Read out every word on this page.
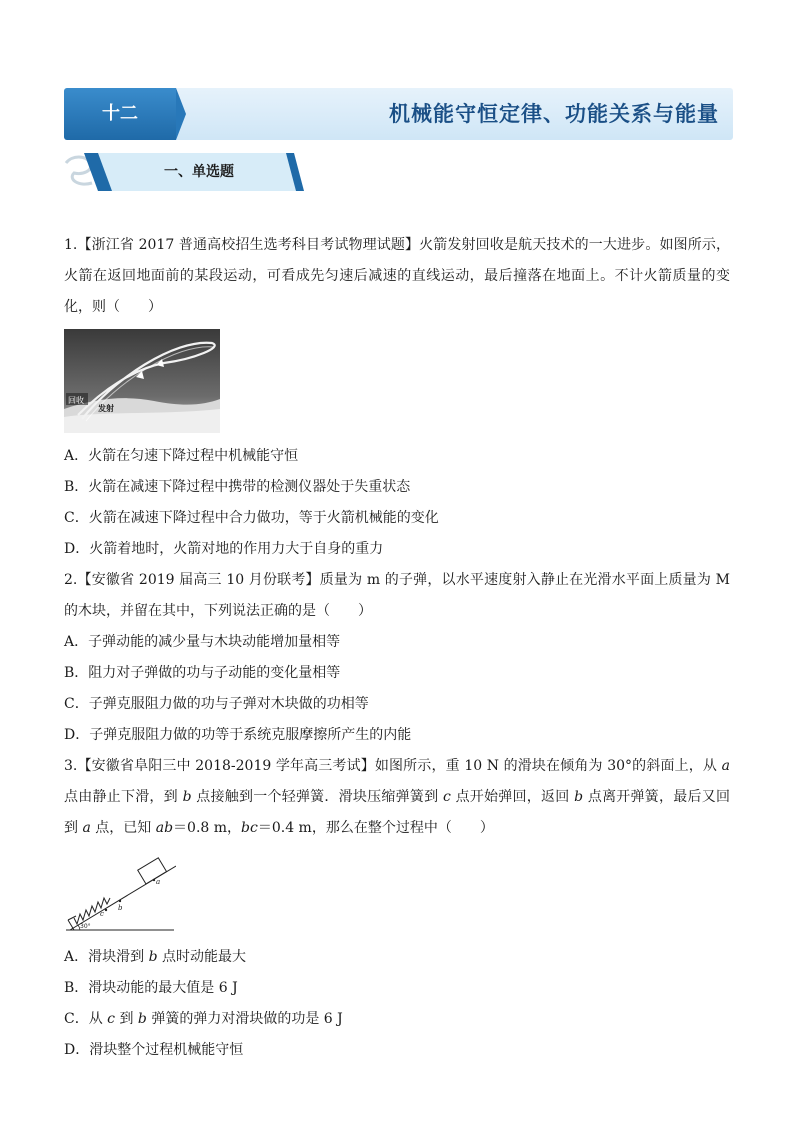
十二	机械能守恒定律、功能关系与能量
一、单选题

1.【浙江省 2017 普通高校招生选考科目考试物理试题】火箭发射回收是航天技术的一大进步。如图所示，火箭在返回地面前的某段运动，可看成先匀速后减速的直线运动，最后撞落在地面上。不计火箭质量的变化，则（　　）

回收
发射

A．火箭在匀速下降过程中机械能守恒

B．火箭在减速下降过程中携带的检测仪器处于失重状态

C．火箭在减速下降过程中合力做功，等于火箭机械能的变化

D．火箭着地时，火箭对地的作用力大于自身的重力

2.【安徽省 2019 届高三 10 月份联考】质量为 m 的子弹，以水平速度射入静止在光滑水平面上质量为 M 的木块，并留在其中，下列说法正确的是（　　）

A．子弹动能的减少量与木块动能增加量相等

B．阻力对子弹做的功与子动能的变化量相等

C．子弹克服阻力做的功与子弹对木块做的功相等

D．子弹克服阻力做的功等于系统克服摩擦所产生的内能

3.【安徽省阜阳三中 2018-2019 学年高三考试】如图所示，重 10 N 的滑块在倾角为 30°的斜面上，从 a 点由静止下滑，到 b 点接触到一个轻弹簧．滑块压缩弹簧到 c 点开始弹回，返回 b 点离开弹簧，最后又回到 a 点，已知 ab＝0.8 m，bc＝0.4 m，那么在整个过程中（　　）

a
b
c
30°

A．滑块滑到 b 点时动能最大

B．滑块动能的最大值是 6 J

C．从 c 到 b 弹簧的弹力对滑块做的功是 6 J

D．滑块整个过程机械能守恒
